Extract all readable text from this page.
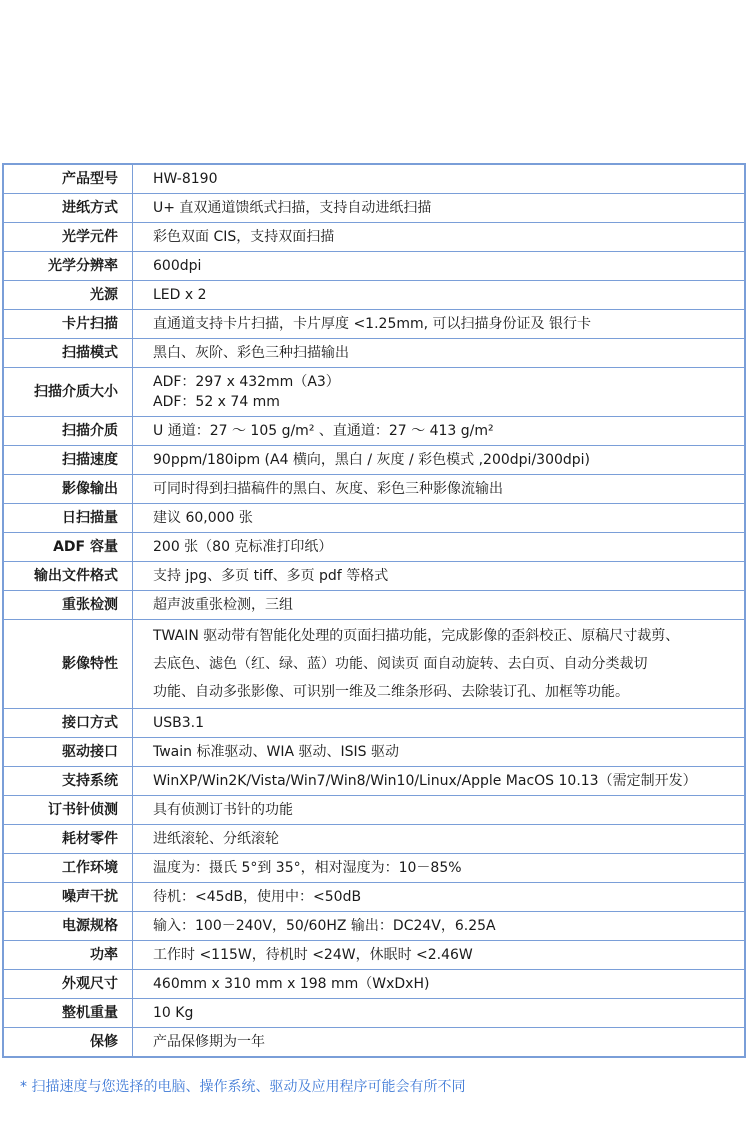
产品型号	HW-8190

进纸方式	U+ 直双通道馈纸式扫描，支持自动进纸扫描

光学元件	彩色双面 CIS，支持双面扫描

光学分辨率	600dpi

光源	LED x 2

卡片扫描	直通道支持卡片扫描，卡片厚度 <1.25mm, 可以扫描身份证及 银行卡

扫描模式	黑白、灰阶、彩色三种扫描输出

扫描介质大小	ADF：297 x 432mm（A3）
ADF：52 x 74 mm

扫描介质	U 通道：27 ～ 105 g/m² 、直通道：27 ～ 413 g/m²

扫描速度	90ppm/180ipm (A4 横向，黑白 / 灰度 / 彩色模式 ,200dpi/300dpi)

影像输出	可同时得到扫描稿件的黑白、灰度、彩色三种影像流输出

日扫描量	建议 60,000 张

ADF 容量	200 张（80 克标准打印纸）

输出文件格式	支持 jpg、多页 tiff、多页 pdf 等格式

重张检测	超声波重张检测，三组

影像特性	TWAIN 驱动带有智能化处理的页面扫描功能，完成影像的歪斜校正、原稿尺寸裁剪、
去底色、滤色（红、绿、蓝）功能、阅读页 面自动旋转、去白页、自动分类裁切
功能、自动多张影像、可识别一维及二维条形码、去除装订孔、加框等功能。

接口方式	USB3.1

驱动接口	Twain 标准驱动、WIA 驱动、ISIS 驱动

支持系统	WinXP/Win2K/Vista/Win7/Win8/Win10/Linux/Apple MacOS 10.13（需定制开发）

订书针侦测	具有侦测订书针的功能

耗材零件	进纸滚轮、分纸滚轮

工作环境	温度为：摄氏 5°到 35°，相对湿度为：10－85%

噪声干扰	待机：<45dB，使用中：<50dB

电源规格	输入：100－240V，50/60HZ 输出：DC24V，6.25A

功率	工作时 <115W，待机时 <24W，休眠时 <2.46W

外观尺寸	460mm x 310 mm x 198 mm（WxDxH)

整机重量	10 Kg

保修	产品保修期为一年
* 扫描速度与您选择的电脑、操作系统、驱动及应用程序可能会有所不同
